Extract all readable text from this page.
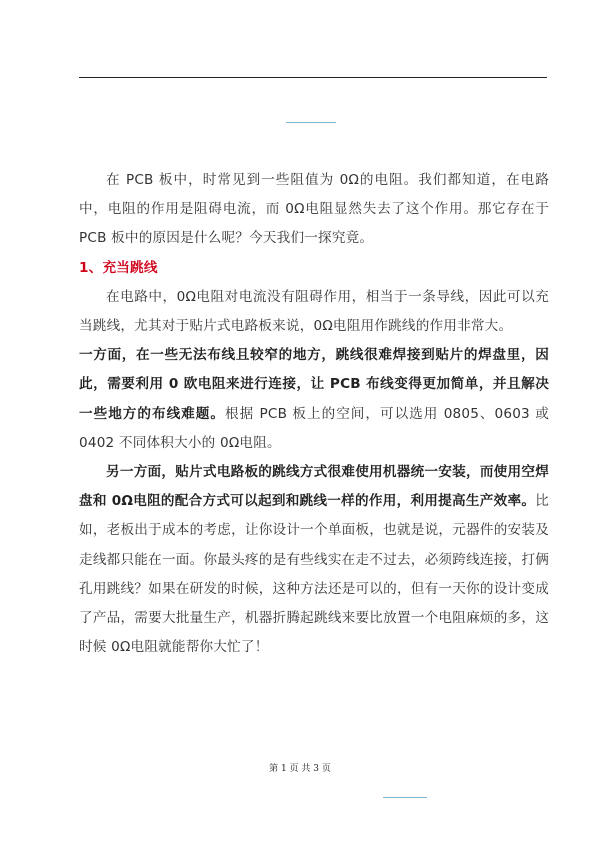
在 PCB 板中，时常见到一些阻值为 0Ω的电阻。我们都知道，在电路中，电阻的作用是阻碍电流，而 0Ω电阻显然失去了这个作用。那它存在于 PCB 板中的原因是什么呢？今天我们一探究竟。

1、充当跳线

在电路中，0Ω电阻对电流没有阻碍作用，相当于一条导线，因此可以充当跳线，尤其对于贴片式电路板来说，0Ω电阻用作跳线的作用非常大。

一方面，在一些无法布线且较窄的地方，跳线很难焊接到贴片的焊盘里，因此，需要利用 0 欧电阻来进行连接，让 PCB 布线变得更加简单，并且解决一些地方的布线难题。根据 PCB 板上的空间，可以选用 0805、0603 或 0402 不同体积大小的 0Ω电阻。

另一方面，贴片式电路板的跳线方式很难使用机器统一安装，而使用空焊盘和 0Ω电阻的配合方式可以起到和跳线一样的作用，利用提高生产效率。比如，老板出于成本的考虑，让你设计一个单面板，也就是说，元器件的安装及走线都只能在一面。你最头疼的是有些线实在走不过去，必须跨线连接，打俩孔用跳线？如果在研发的时候，这种方法还是可以的，但有一天你的设计变成了产品，需要大批量生产，机器折腾起跳线来要比放置一个电阻麻烦的多，这时候 0Ω电阻就能帮你大忙了！

第 1 页 共 3 页
